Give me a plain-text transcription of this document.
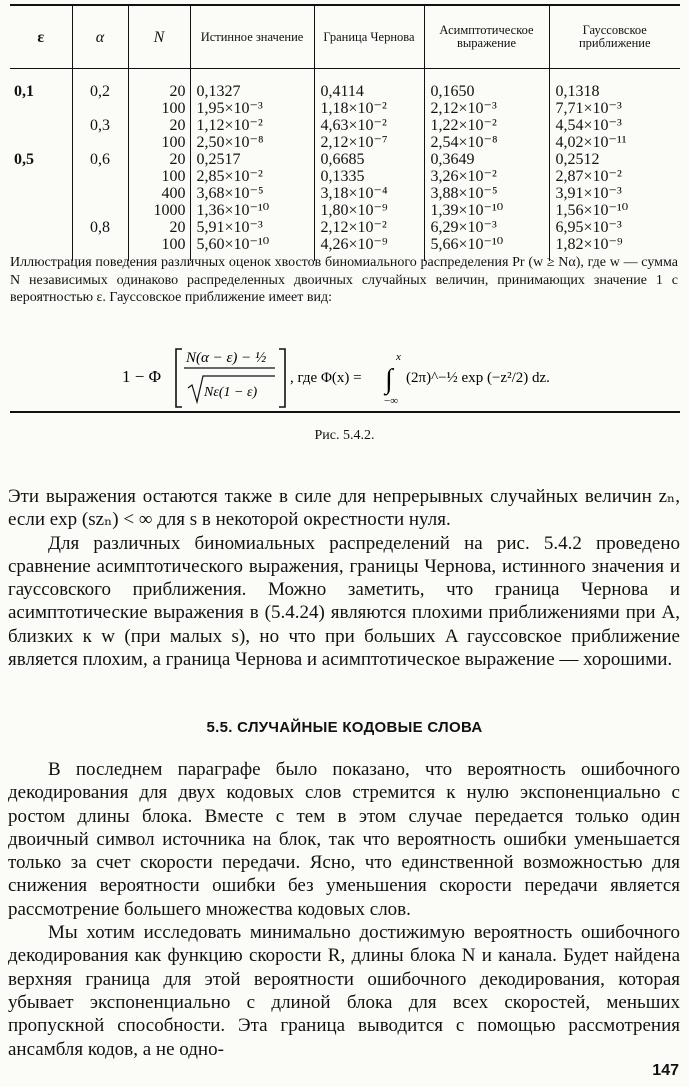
ε	α	N	Истинное значение	Граница Чернова	Асимптотическое выражение	Гауссовское приближение

0,1	0,2	20	0,1327	0,4114	0,1650	0,1318
		100	1,95×10⁻³	1,18×10⁻²	2,12×10⁻³	7,71×10⁻³
	0,3	20	1,12×10⁻²	4,63×10⁻²	1,22×10⁻²	4,54×10⁻³
		100	2,50×10⁻⁸	2,12×10⁻⁷	2,54×10⁻⁸	4,02×10⁻¹¹
0,5	0,6	20	0,2517	0,6685	0,3649	0,2512
		100	2,85×10⁻²	0,1335	3,26×10⁻²	2,87×10⁻²
		400	3,68×10⁻⁵	3,18×10⁻⁴	3,88×10⁻⁵	3,91×10⁻³
		1000	1,36×10⁻¹⁰	1,80×10⁻⁹	1,39×10⁻¹⁰	1,56×10⁻¹⁰
	0,8	20	5,91×10⁻³	2,12×10⁻²	6,29×10⁻³	6,95×10⁻³
		100	5,60×10⁻¹⁰	4,26×10⁻⁹	5,66×10⁻¹⁰	1,82×10⁻⁹
Иллюстрация поведения различных оценок хвостов биномиального распределения Pr (w ≥ Nα), где w — сумма N независимых одинаково распределенных двоичных случайных величин, принимающих значение 1 с вероятностью ε. Гауссовское приближение имеет вид:
1 − Φ
N(α − ε) − ½
Nε(1 − ε)
, где Φ(x) =
x
∫
−∞
(2π)^−½ exp (−z²/2) dz.
Рис. 5.4.2.

Эти выражения остаются также в силе для непрерывных случайных величин zₙ, если exp (szₙ) < ∞ для s в некоторой окрестности нуля.

Для различных биномиальных распределений на рис. 5.4.2 проведено сравнение асимптотического выражения, границы Чернова, истинного значения и гауссовского приближения. Можно заметить, что граница Чернова и асимптотические выражения в (5.4.24) являются плохими приближениями при A, близких к w (при малых s), но что при больших A гауссовское приближение является плохим, а граница Чернова и асимптотическое выражение — хорошими.

5.5. СЛУЧАЙНЫЕ КОДОВЫЕ СЛОВА

В последнем параграфе было показано, что вероятность ошибочного декодирования для двух кодовых слов стремится к нулю экспоненциально с ростом длины блока. Вместе с тем в этом случае передается только один двоичный символ источника на блок, так что вероятность ошибки уменьшается только за счет скорости передачи. Ясно, что единственной возможностью для снижения вероятности ошибки без уменьшения скорости передачи является рассмотрение большего множества кодовых слов.

Мы хотим исследовать минимально достижимую вероятность ошибочного декодирования как функцию скорости R, длины блока N и канала. Будет найдена верхняя граница для этой вероятности ошибочного декодирования, которая убывает экспоненциально с длиной блока для всех скоростей, меньших пропускной способности. Эта граница выводится с помощью рассмотрения ансамбля кодов, а не одно-

147
